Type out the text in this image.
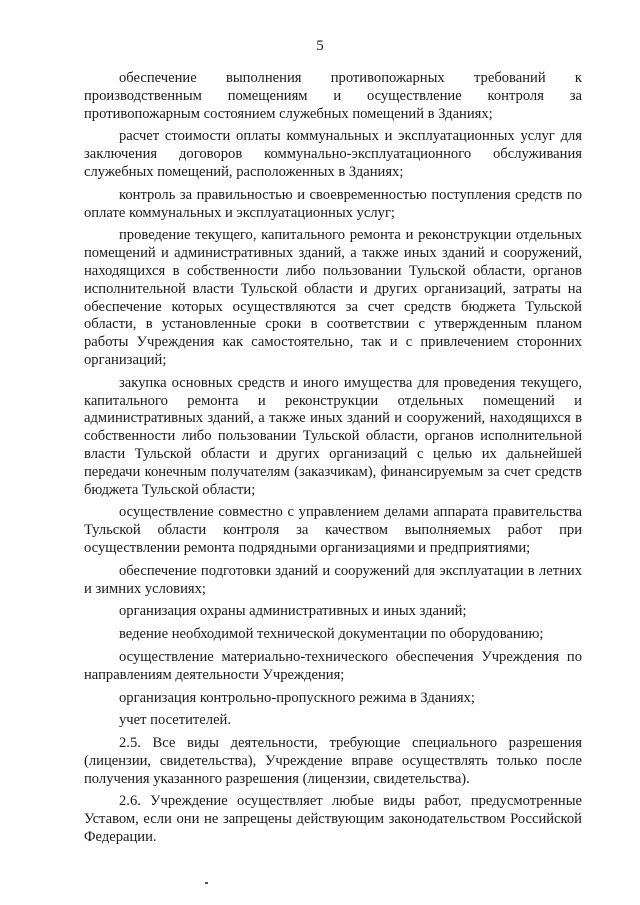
5

обеспечение выполнения противопожарных требований к производственным помещениям и осуществление контроля за противопожарным состоянием служебных помещений в Зданиях;

расчет стоимости оплаты коммунальных и эксплуатационных услуг для заключения договоров коммунально-эксплуатационного обслуживания служебных помещений, расположенных в Зданиях;

контроль за правильностью и своевременностью поступления средств по оплате коммунальных и эксплуатационных услуг;

проведение текущего, капитального ремонта и реконструкции отдельных помещений и административных зданий, а также иных зданий и сооружений, находящихся в собственности либо пользовании Тульской области, органов исполнительной власти Тульской области и других организаций, затраты на обеспечение которых осуществляются за счет средств бюджета Тульской области, в установленные сроки в соответствии с утвержденным планом работы Учреждения как самостоятельно, так и с привлечением сторонних организаций;

закупка основных средств и иного имущества для проведения текущего, капитального ремонта и реконструкции отдельных помещений и административных зданий, а также иных зданий и сооружений, находящихся в собственности либо пользовании Тульской области, органов исполнительной власти Тульской области и других организаций с целью их дальнейшей передачи конечным получателям (заказчикам), финансируемым за счет средств бюджета Тульской области;

осуществление совместно с управлением делами аппарата правительства Тульской области контроля за качеством выполняемых работ при осуществлении ремонта подрядными организациями и предприятиями;

обеспечение подготовки зданий и сооружений для эксплуатации в летних и зимних условиях;

организация охраны административных и иных зданий;

ведение необходимой технической документации по оборудованию;

осуществление материально-технического обеспечения Учреждения по направлениям деятельности Учреждения;

организация контрольно-пропускного режима в Зданиях;

учет посетителей.

2.5. Все виды деятельности, требующие специального разрешения (лицензии, свидетельства), Учреждение вправе осуществлять только после получения указанного разрешения (лицензии, свидетельства).

2.6. Учреждение осуществляет любые виды работ, предусмотренные Уставом, если они не запрещены действующим законодательством Российской Федерации.
